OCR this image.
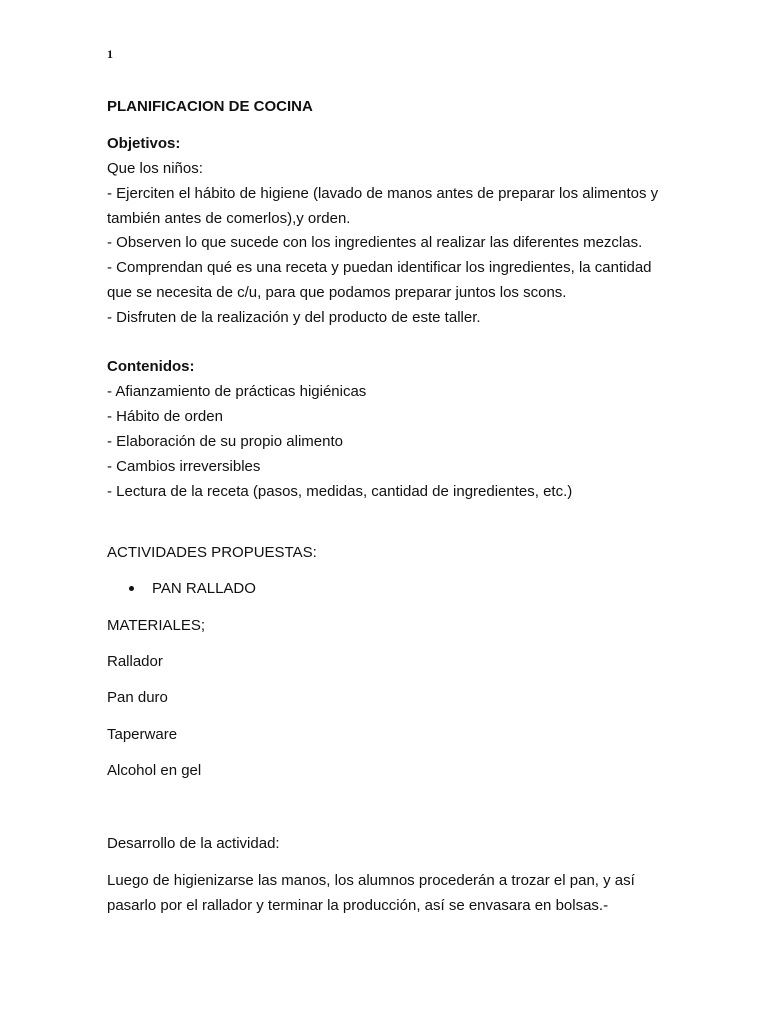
1
PLANIFICACION DE COCINA
Objetivos:
Que los niños:
- Ejerciten el hábito de higiene (lavado de manos antes de preparar los alimentos y
también antes de comerlos),y orden.
- Observen lo que sucede con los ingredientes al realizar las diferentes mezclas.
- Comprendan qué es una receta y puedan identificar los ingredientes, la cantidad
que se necesita de c/u, para que podamos preparar juntos los scons.
- Disfruten de la realización y del producto de este taller.
Contenidos:
- Afianzamiento de prácticas higiénicas
- Hábito de orden
- Elaboración de su propio alimento
- Cambios irreversibles
- Lectura de la receta (pasos, medidas, cantidad de ingredientes, etc.)
ACTIVIDADES PROPUESTAS:
PAN RALLADO
MATERIALES;
Rallador
Pan duro
Taperware
Alcohol en gel
Desarrollo de la actividad:
Luego de higienizarse las manos, los alumnos procederán a trozar el pan, y así
pasarlo por el rallador y terminar la producción, así se envasara en bolsas.-
